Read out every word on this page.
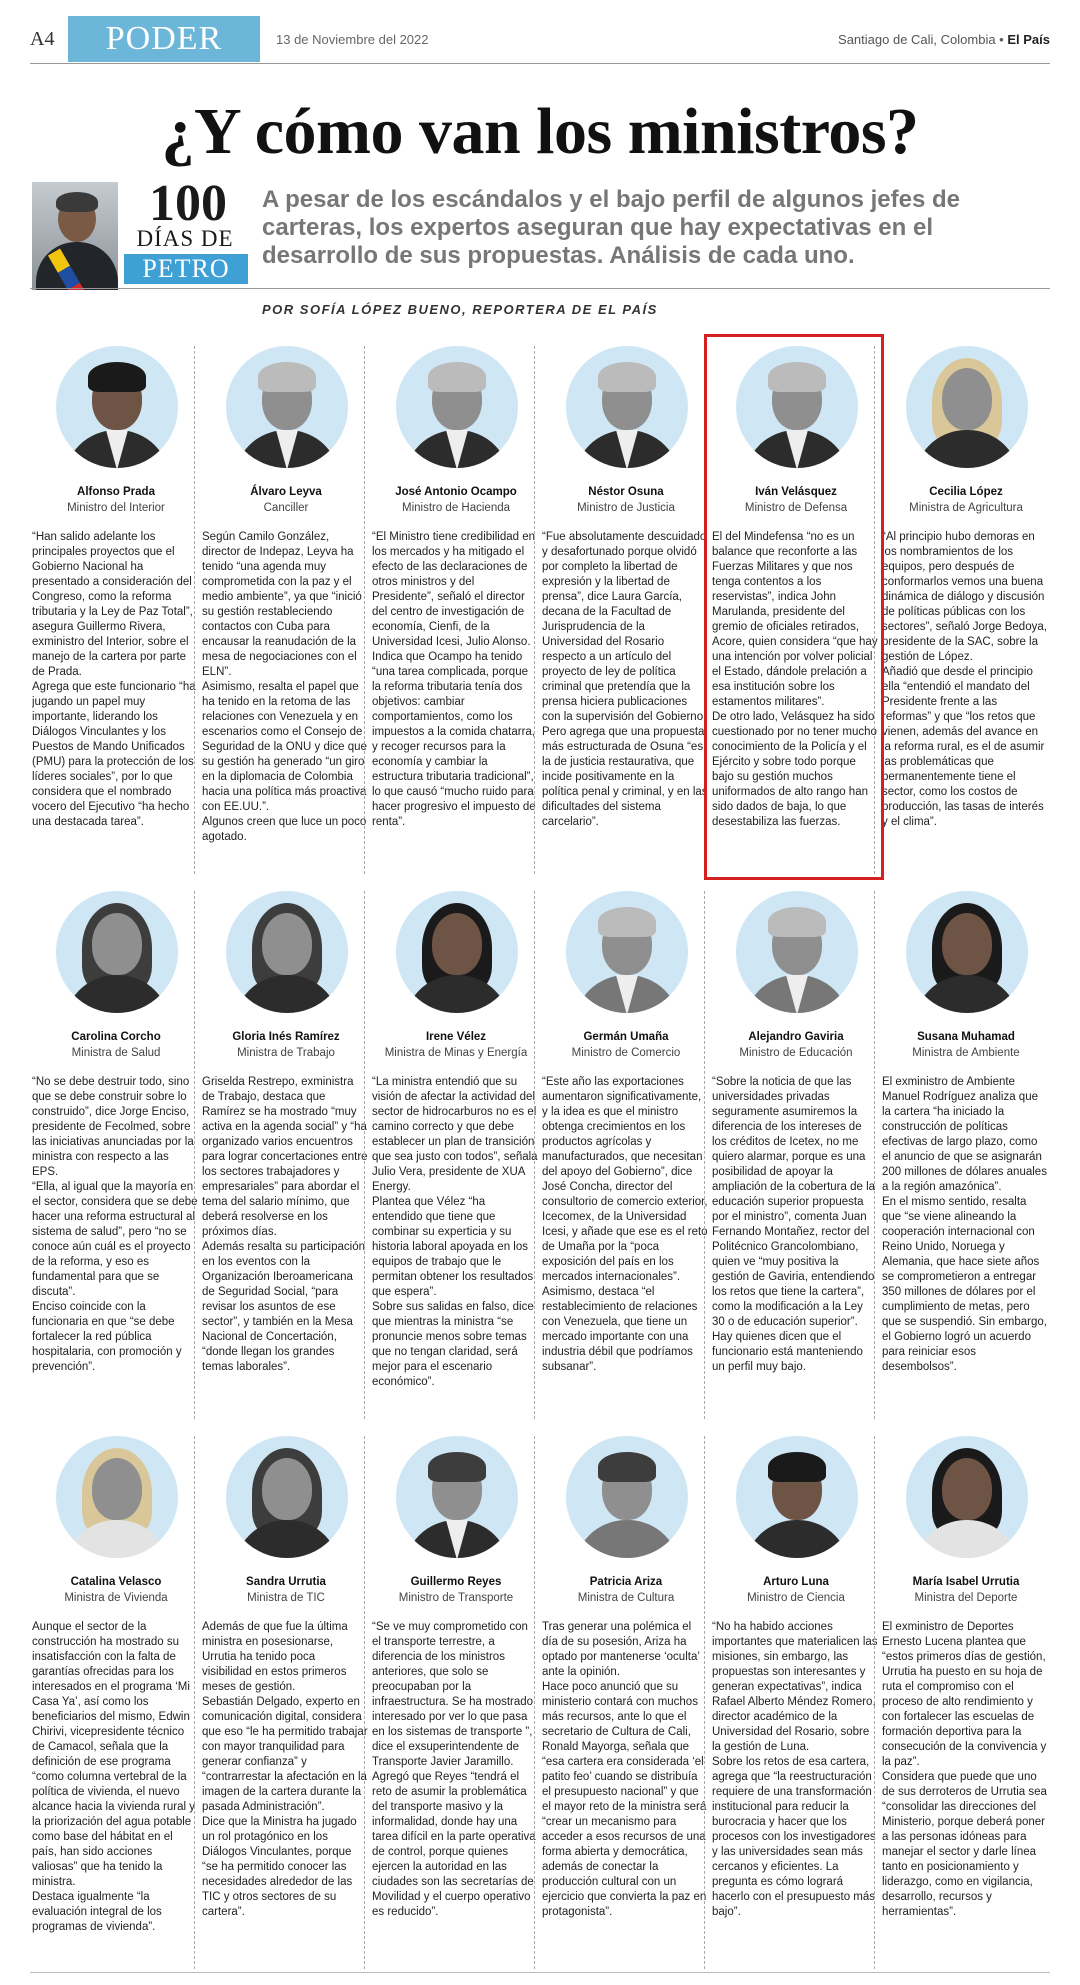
A4	PODER	13 de Noviembre del 2022	Santiago de Cali, Colombia • El País
¿Y cómo van los ministros?
100
DÍAS DE
PETRO

A pesar de los escándalos y el bajo perfil de algunos jefes de carteras, los expertos aseguran que hay expectativas en el desarrollo de sus propuestas. Análisis de cada uno.

POR SOFÍA LÓPEZ BUENO, REPORTERA DE EL PAÍS

Alfonso Prada
Ministro del Interior
“Han salido adelante los principales proyectos que el Gobierno Nacional ha presentado a consideración del Congreso, como la reforma tributaria y la Ley de Paz Total”, asegura Guillermo Rivera, exministro del Interior, sobre el manejo de la cartera por parte de Prada.
Agrega que este funcionario “ha jugando un papel muy importante, liderando los Diálogos Vinculantes y los Puestos de Mando Unificados (PMU) para la protección de los líderes sociales”, por lo que considera que el nombrado vocero del Ejecutivo “ha hecho una destacada tarea”.
Álvaro Leyva
Canciller
Según Camilo González, director de Indepaz, Leyva ha tenido “una agenda muy comprometida con la paz y el medio ambiente”, ya que “inició su gestión restableciendo contactos con Cuba para encausar la reanudación de la mesa de negociaciones con el ELN”.
Asimismo, resalta el papel que ha tenido en la retoma de las relaciones con Venezuela y en escenarios como el Consejo de Seguridad de la ONU y dice que su gestión ha generado “un giro en la diplomacia de Colombia hacia una política más proactiva con EE.UU.”.
Algunos creen que luce un poco agotado.
José Antonio Ocampo
Ministro de Hacienda
“El Ministro tiene credibilidad en los mercados y ha mitigado el efecto de las declaraciones de otros ministros y del Presidente”, señaló el director del centro de investigación de economía, Cienfi, de la Universidad Icesi, Julio Alonso.
Indica que Ocampo ha tenido “una tarea complicada, porque la reforma tributaria tenía dos objetivos: cambiar comportamientos, como los impuestos a la comida chatarra, y recoger recursos para la economía y cambiar la estructura tributaria tradicional”, lo que causó “mucho ruido para hacer progresivo el impuesto de renta”.
Néstor Osuna
Ministro de Justicia
“Fue absolutamente descuidado y desafortunado porque olvidó por completo la libertad de expresión y la libertad de prensa”, dice Laura García, decana de la Facultad de Jurisprudencia de la Universidad del Rosario respecto a un artículo del proyecto de ley de política criminal que pretendía que la prensa hiciera publicaciones con la supervisión del Gobierno.
Pero agrega que una propuesta más estructurada de Osuna “es la de justicia restaurativa, que incide positivamente en la política penal y criminal, y en las dificultades del sistema carcelario”.
Iván Velásquez
Ministro de Defensa
El del Mindefensa “no es un balance que reconforte a las Fuerzas Militares y que nos tenga contentos a los reservistas”, indica John Marulanda, presidente del gremio de oficiales retirados, Acore, quien considera “que hay una intención por volver policial el Estado, dándole prelación a esa institución sobre los estamentos militares”.
De otro lado, Velásquez ha sido cuestionado por no tener mucho conocimiento de la Policía y el Ejército y sobre todo porque bajo su gestión muchos uniformados de alto rango han sido dados de baja, lo que desestabiliza las fuerzas.
Cecilia López
Ministra de Agricultura
“Al principio hubo demoras en los nombramientos de los equipos, pero después de conformarlos vemos una buena dinámica de diálogo y discusión de políticas públicas con los sectores”, señaló Jorge Bedoya, presidente de la SAC, sobre la gestión de López.
Añadió que desde el principio ella “entendió el mandato del Presidente frente a las reformas” y que “los retos que vienen, además del avance en la reforma rural, es el de asumir las problemáticas que permanentemente tiene el sector, como los costos de producción, las tasas de interés y el clima”.
Carolina Corcho
Ministra de Salud
“No se debe destruir todo, sino que se debe construir sobre lo construido”, dice Jorge Enciso, presidente de Fecolmed, sobre las iniciativas anunciadas por la ministra con respecto a las EPS.
“Ella, al igual que la mayoría en el sector, considera que se debe hacer una reforma estructural al sistema de salud”, pero “no se conoce aún cuál es el proyecto de la reforma, y eso es fundamental para que se discuta”.
Enciso coincide con la funcionaria en que “se debe fortalecer la red pública hospitalaria, con promoción y prevención”.
Gloria Inés Ramírez
Ministra de Trabajo
Griselda Restrepo, exministra de Trabajo, destaca que Ramírez se ha mostrado “muy activa en la agenda social” y “ha organizado varios encuentros para lograr concertaciones entre los sectores trabajadores y empresariales” para abordar el tema del salario mínimo, que deberá resolverse en los próximos días.
Además resalta su participación en los eventos con la Organización Iberoamericana de Seguridad Social, “para revisar los asuntos de ese sector”, y también en la Mesa Nacional de Concertación, “donde llegan los grandes temas laborales”.
Irene Vélez
Ministra de Minas y Energía
“La ministra entendió que su visión de afectar la actividad del sector de hidrocarburos no es el camino correcto y que debe establecer un plan de transición que sea justo con todos”, señala Julio Vera, presidente de XUA Energy.
Plantea que Vélez “ha entendido que tiene que combinar su experticia y su historia laboral apoyada en los equipos de trabajo que le permitan obtener los resultados que espera”.
Sobre sus salidas en falso, dice que mientras la ministra “se pronuncie menos sobre temas que no tengan claridad, será mejor para el escenario económico”.
Germán Umaña
Ministro de Comercio
“Este año las exportaciones aumentaron significativamente, y la idea es que el ministro obtenga crecimientos en los productos agrícolas y manufacturados, que necesitan del apoyo del Gobierno”, dice José Concha, director del consultorio de comercio exterior, Icecomex, de la Universidad Icesi, y añade que ese es el reto de Umaña por la “poca exposición del país en los mercados internacionales”.
Asimismo, destaca “el restablecimiento de relaciones con Venezuela, que tiene un mercado importante con una industria débil que podríamos subsanar”.
Alejandro Gaviria
Ministro de Educación
“Sobre la noticia de que las universidades privadas seguramente asumiremos la diferencia de los intereses de los créditos de Icetex, no me quiero alarmar, porque es una posibilidad de apoyar la ampliación de la cobertura de la educación superior propuesta por el ministro”, comenta Juan Fernando Montañez, rector del Politécnico Grancolombiano, quien ve “muy positiva la gestión de Gaviria, entendiendo los retos que tiene la cartera”, como la modificación a la Ley 30 o de educación superior”.
Hay quienes dicen que el funcionario está manteniendo un perfil muy bajo.
Susana Muhamad
Ministra de Ambiente
El exministro de Ambiente Manuel Rodríguez analiza que la cartera “ha iniciado la construcción de políticas efectivas de largo plazo, como el anuncio de que se asignarán 200 millones de dólares anuales a la región amazónica”.
En el mismo sentido, resalta que “se viene alineando la cooperación internacional con Reino Unido, Noruega y Alemania, que hace siete años se comprometieron a entregar 350 millones de dólares por el cumplimiento de metas, pero que se suspendió. Sin embargo, el Gobierno logró un acuerdo para reiniciar esos desembolsos”.
Catalina Velasco
Ministra de Vivienda
Aunque el sector de la construcción ha mostrado su insatisfacción con la falta de garantías ofrecidas para los interesados en el programa ‘Mi Casa Ya’, así como los beneficiarios del mismo, Edwin Chirivi, vicepresidente técnico de Camacol, señala que la definición de ese programa “como columna vertebral de la política de vivienda, el nuevo alcance hacia la vivienda rural y la priorización del agua potable como base del hábitat en el país, han sido acciones valiosas” que ha tenido la ministra.
Destaca igualmente “la evaluación integral de los programas de vivienda”.
Sandra Urrutia
Ministra de TIC
Además de que fue la última ministra en posesionarse, Urrutia ha tenido poca visibilidad en estos primeros meses de gestión.
Sebastián Delgado, experto en comunicación digital, considera que eso “le ha permitido trabajar con mayor tranquilidad para generar confianza” y “contrarrestar la afectación en la imagen de la cartera durante la pasada Administración”.
Dice que la Ministra ha jugado un rol protagónico en los Diálogos Vinculantes, porque “se ha permitido conocer las necesidades alrededor de las TIC y otros sectores de su cartera”.
Guillermo Reyes
Ministro de Transporte
“Se ve muy comprometido con el transporte terrestre, a diferencia de los ministros anteriores, que solo se preocupaban por la infraestructura. Se ha mostrado interesado por ver lo que pasa en los sistemas de transporte ”, dice el exsuperintendente de Transporte Javier Jaramillo.
Agregó que Reyes “tendrá el reto de asumir la problemática del transporte masivo y la informalidad, donde hay una tarea difícil en la parte operativa de control, porque quienes ejercen la autoridad en las ciudades son las secretarías de Movilidad y el cuerpo operativo es reducido”.
Patricia Ariza
Ministra de Cultura
Tras generar una polémica el día de su posesión, Ariza ha optado por mantenerse ‘oculta’ ante la opinión.
Hace poco anunció que su ministerio contará con muchos más recursos, ante lo que el secretario de Cultura de Cali, Ronald Mayorga, señala que “esa cartera era considerada ‘el patito feo’ cuando se distribuía el presupuesto nacional” y que el mayor reto de la ministra será “crear un mecanismo para acceder a esos recursos de una forma abierta y democrática, además de conectar la producción cultural con un ejercicio que convierta la paz en protagonista”.
Arturo Luna
Ministro de Ciencia
“No ha habido acciones importantes que materialicen las misiones, sin embargo, las propuestas son interesantes y generan expectativas”, indica Rafael Alberto Méndez Romero, director académico de la Universidad del Rosario, sobre la gestión de Luna.
Sobre los retos de esa cartera, agrega que “la reestructuración requiere de una transformación institucional para reducir la burocracia y hacer que los procesos con los investigadores y las universidades sean más cercanos y eficientes. La pregunta es cómo logrará hacerlo con el presupuesto más bajo”.
María Isabel Urrutia
Ministra del Deporte
El exministro de Deportes Ernesto Lucena plantea que “estos primeros días de gestión, Urrutia ha puesto en su hoja de ruta el compromiso con el proceso de alto rendimiento y con fortalecer las escuelas de formación deportiva para la consecución de la convivencia y la paz”.
Considera que puede que uno de sus derroteros de Urrutia sea “consolidar las direcciones del Ministerio, porque deberá poner a las personas idóneas para manejar el sector y darle línea tanto en posicionamiento y liderazgo, como en vigilancia, desarrollo, recursos y herramientas”.
